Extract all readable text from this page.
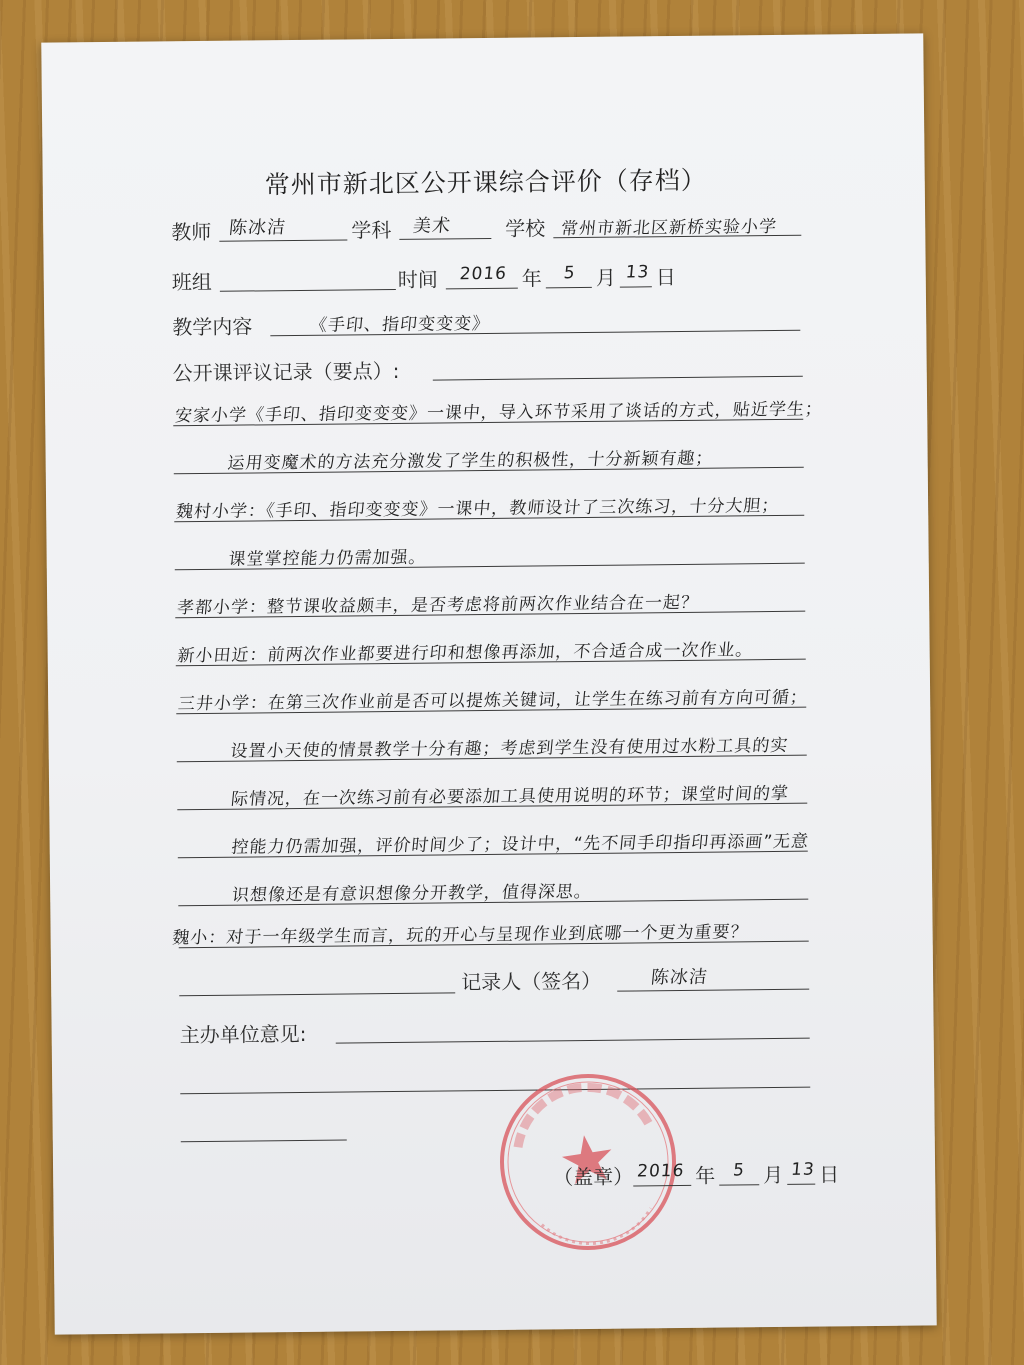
常州市新北区公开课综合评价（存档）
教师 陈冰洁	学科 美术	学校 常州市新北区新桥实验小学
班组	时间 2016 年 5 月 13 日
教学内容	《手印、指印变变变》
公开课评议记录（要点）:
安家小学《手印、指印变变变》一课中，导入环节采用了谈话的方式，贴近学生；
运用变魔术的方法充分激发了学生的积极性，十分新颖有趣；
魏村小学：《手印、指印变变变》一课中，教师设计了三次练习，十分大胆；
课堂掌控能力仍需加强。
孝都小学：整节课收益颇丰，是否考虑将前两次作业结合在一起？
新小田近：前两次作业都要进行印和想像再添加，不合适合成一次作业。
三井小学：在第三次作业前是否可以提炼关键词，让学生在练习前有方向可循；
设置小天使的情景教学十分有趣；考虑到学生没有使用过水粉工具的实
际情况，在一次练习前有必要添加工具使用说明的环节；课堂时间的掌
控能力仍需加强，评价时间少了；设计中，“先不同手印指印再添画”无意
识想像还是有意识想像分开教学，值得深思。
魏小：对于一年级学生而言，玩的开心与呈现作业到底哪一个更为重要？
记录人（签名）	陈冰洁
主办单位意见:
（盖章） 2016 年 5 月 13 日
